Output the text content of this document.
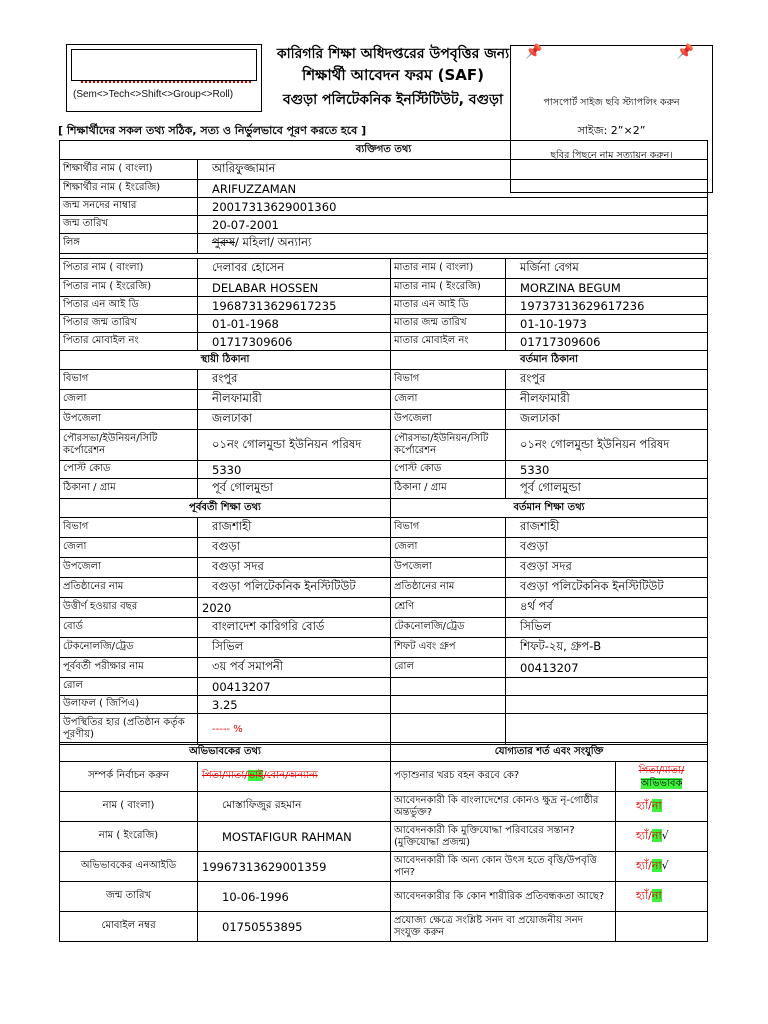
(Sem<>Tech<>Shift<>Group<>Roll)
কারিগরি শিক্ষা অধিদপ্তরের উপবৃত্তির জন্য
শিক্ষার্থী আবেদন ফরম (SAF)
বগুড়া পলিটেকনিক ইনস্টিটিউট, বগুড়া
📌	📌
পাসপোর্ট সাইজ ছবি স্ট্যাপলিং করুন
সাইজ: 2”×2”
ছবির পিছনে নাম সত্যায়ন করুন।
[ শিক্ষার্থীদের সকল তথ্য সঠিক, সত্য ও নির্ভুলভাবে পূরণ করতে হবে ]
ব্যক্তিগত তথ্য			
শিক্ষার্থীর নাম ( বাংলা)	আরিফুজ্জামান		
শিক্ষার্থীর নাম ( ইংরেজি)	ARIFUZZAMAN		
জন্ম সনদের নাম্বার	20017313629001360		
জন্ম তারিখ	20-07-2001		
লিঙ্গ	পুরুষ/ মহিলা/ অন্যান্য		

পিতার নাম ( বাংলা)	দেলাবর হোসেন	মাতার নাম ( বাংলা)	মর্জিনা বেগম
পিতার নাম ( ইংরেজি)	DELABAR HOSSEN	মাতার নাম ( ইংরেজি)	MORZINA BEGUM
পিতার এন আই ডি	19687313629617235	মাতার এন আই ডি	19737313629617236
পিতার জন্ম তারিখ	01-01-1968	মাতার জন্ম তারিখ	01-10-1973
পিতার মোবাইল নং	01717309606	মাতার মোবাইল নং	01717309606
স্থায়ী ঠিকানা		বর্তমান ঠিকানা	
বিভাগ	রংপুর	বিভাগ	রংপুর
জেলা	নীলফামারী	জেলা	নীলফামারী
উপজেলা	জলঢাকা	উপজেলা	জলঢাকা
পৌরসভা/ইউনিয়ন/সিটি কর্পোরেশন	০১নং গোলমুন্ডা ইউনিয়ন পরিষদ	পৌরসভা/ইউনিয়ন/সিটি কর্পোরেশন	০১নং গোলমুন্ডা ইউনিয়ন পরিষদ
পোস্ট কোড	5330	পোস্ট কোড	5330
ঠিকানা / গ্রাম	পূর্ব গোলমুন্ডা	ঠিকানা / গ্রাম	পূর্ব গোলমুন্ডা
পূর্ববর্তী শিক্ষা তথ্য		বর্তমান শিক্ষা তথ্য	
বিভাগ	রাজশাহী	বিভাগ	রাজশাহী
জেলা	বগুড়া	জেলা	বগুড়া
উপজেলা	বগুড়া সদর	উপজেলা	বগুড়া সদর
প্রতিষ্ঠানের নাম	বগুড়া পলিটেকনিক ইনস্টিটিউট	প্রতিষ্ঠানের নাম	বগুড়া পলিটেকনিক ইনস্টিটিউট
উত্তীর্ণ হওয়ার বছর	2020	শ্রেণি	৪র্থ পর্ব
বোর্ড	বাংলাদেশ কারিগরি বোর্ড	টেকনোলজি/ট্রেড	সিভিল
টেকনোলজি/ট্রেড	সিভিল	শিফট এবং গ্রুপ	শিফট-২য়, গ্রুপ-B
পূর্ববর্তী পরীক্ষার নাম	৩য় পর্ব সমাপনী	রোল	00413207
রোল	00413207		
উলাফল ( জিপিএ)	3.25		
উপস্থিতির হার (প্রতিষ্ঠান কর্তৃক পূরণীয়)	----- %		
অভিভাবকের তথ্য		যোগ্যতার শর্ত এবং সংযুক্তি	
সম্পর্ক নির্বাচন করুন	পিতা/মাতা/ভাই/বোন/অন্যান্য	পড়াশুনার খরচ বহন করবে কে?	পিতা/মাতা/
অভিভাবক

নাম ( বাংলা)	মোস্তাফিজুর রহমান	আবেদনকারী কি বাংলাদেশের কোনও ক্ষুদ্র নৃ-গোষ্ঠীর অন্তর্ভুক্ত?	হ্যাঁ/না
নাম ( ইংরেজি)	MOSTAFIGUR RAHMAN	আবেদনকারী কি মুক্তিযোদ্ধা পরিবারের সন্তান? (মুক্তিযোদ্ধা প্রজন্ম)	হ্যাঁ/না√
অভিভাবকের এনআইডি	19967313629001359	আবেদনকারী কি অন্য কোন উৎস হতে বৃত্তি/উপবৃত্তি পান?	হ্যাঁ/না√
জন্ম তারিখ	10-06-1996	আবেদনকারীর কি কোন শারীরিক প্রতিবন্ধকতা আছে?	হ্যাঁ/না
মোবাইল নম্বর	01750553895	প্রযোজ্য ক্ষেত্রে সংশ্লিষ্ট সনদ বা প্রয়োজনীয় সনদ সংযুক্ত করুন	
